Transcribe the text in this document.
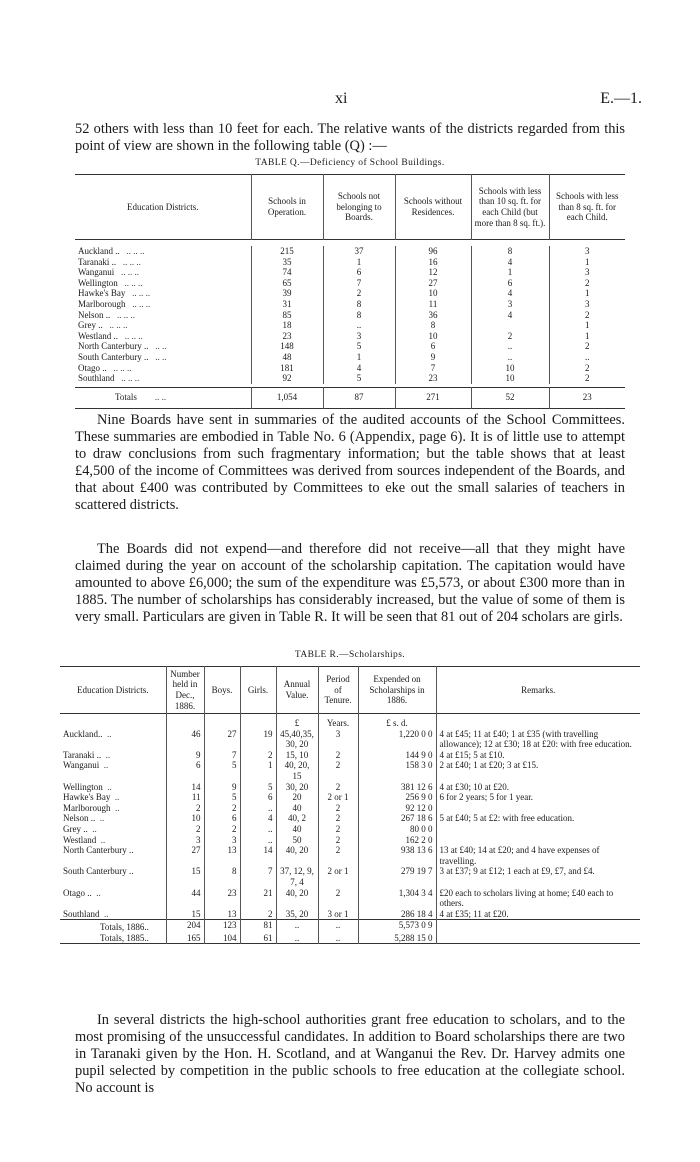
xi	E.—1.

52 others with less than 10 feet for each. The relative wants of the districts regarded from this point of view are shown in the following table (Q) :—

TABLE Q.—Deficiency of School Buildings.
Education Districts.	Schools in Operation.	Schools not belonging to Boards.	Schools without Residences.	Schools with less than 10 sq. ft. for each Child (but more than 8 sq. ft.).	Schools with less than 8 sq. ft. for each Child.

Auckland .. .. .. ..	215	37	96	8	3
Taranaki .. .. .. ..	35	1	16	4	1
Wanganui .. .. ..	74	6	12	1	3
Wellington .. .. ..	65	7	27	6	2
Hawke's Bay .. .. ..	39	2	10	4	1
Marlborough .. .. ..	31	8	11	3	3
Nelson .. .. .. ..	85	8	36	4	2
Grey .. .. .. ..	18	..	8		1
Westland .. .. .. ..	23	3	10	2	1
North Canterbury .. .. ..	148	5	6	..	2
South Canterbury .. .. ..	48	1	9	..	..
Otago .. .. .. ..	181	4	7	10	2
Southland .. .. ..	92	5	23	10	2

Totals .. ..	1,054	87	271	52	23

Nine Boards have sent in summaries of the audited accounts of the School Committees. These summaries are embodied in Table No. 6 (Appendix, page 6). It is of little use to attempt to draw conclusions from such fragmentary information; but the table shows that at least £4,500 of the income of Committees was derived from sources independent of the Boards, and that about £400 was contributed by Committees to eke out the small salaries of teachers in scattered districts.

The Boards did not expend—and therefore did not receive—all that they might have claimed during the year on account of the scholarship capitation. The capitation would have amounted to above £6,000; the sum of the expenditure was £5,573, or about £300 more than in 1885. The number of scholarships has considerably increased, but the value of some of them is very small. Particulars are given in Table R. It will be seen that 81 out of 204 scholars are girls.

TABLE R.—Scholarships.
Education Districts.	Number held in Dec., 1886.	Boys.	Girls.	Annual Value.	Period of Tenure.	Expended on Scholarships in 1886.	Remarks.
				£	Years.	£ s. d.	
Auckland.. ..	46	27	19	45,40,35, 30, 20	3	1,220 0 0	4 at £45; 11 at £40; 1 at £35 (with travelling allowance); 12 at £30; 18 at £20: with free education.
Taranaki .. ..	9	7	2	15, 10	2	144 9 0	4 at £15; 5 at £10.
Wanganui ..	6	5	1	40, 20, 15	2	158 3 0	2 at £40; 1 at £20; 3 at £15.
Wellington ..	14	9	5	30, 20	2	381 12 6	4 at £30; 10 at £20.
Hawke's Bay ..	11	5	6	20	2 or 1	256 9 0	6 for 2 years; 5 for 1 year.
Marlborough ..	2	2	..	40	2	92 12 0	
Nelson .. ..	10	6	4	40, 2	2	267 18 6	5 at £40; 5 at £2: with free education.
Grey .. ..	2	2	..	40	2	80 0 0	
Westland ..	3	3	..	50	2	162 2 0	
North Canterbury ..	27	13	14	40, 20	2	938 13 6	13 at £40; 14 at £20; and 4 have expenses of travelling.
South Canterbury ..	15	8	7	37, 12, 9, 7, 4	2 or 1	279 19 7	3 at £37; 9 at £12; 1 each at £9, £7, and £4.
Otago .. ..	44	23	21	40, 20	2	1,304 3 4	£20 each to scholars living at home; £40 each to others.
Southland ..	15	13	2	35, 20	3 or 1	286 18 4	4 at £35; 11 at £20.
Totals, 1886..	204	123	81	..	..	5,573 0 9	
Totals, 1885..	165	104	61	..	..	5,288 15 0	

In several districts the high-school authorities grant free education to scholars, and to the most promising of the unsuccessful candidates. In addition to Board scholarships there are two in Taranaki given by the Hon. H. Scotland, and at Wanganui the Rev. Dr. Harvey admits one pupil selected by competition in the public schools to free education at the collegiate school. No account is
